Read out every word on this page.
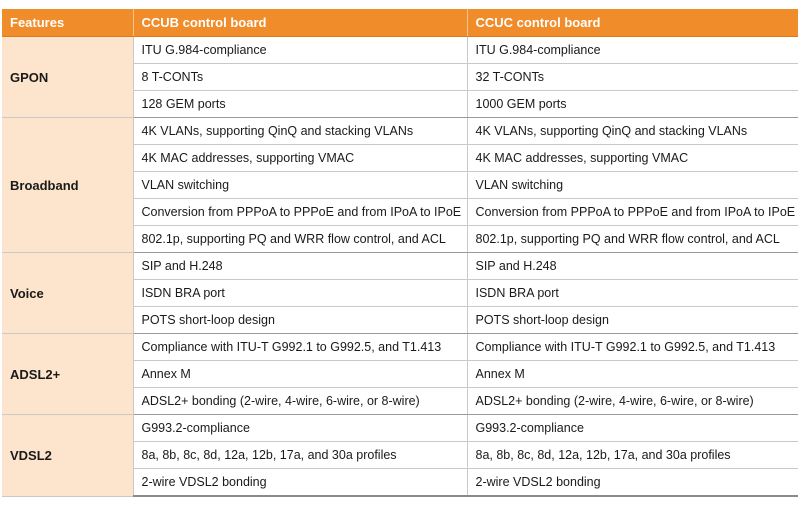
Features	CCUB control board	CCUC control board
GPON	ITU G.984-compliance	ITU G.984-compliance
	8 T-CONTs	32 T-CONTs
	128 GEM ports	1000 GEM ports
Broadband	4K VLANs, supporting QinQ and stacking VLANs	4K VLANs, supporting QinQ and stacking VLANs
	4K MAC addresses, supporting VMAC	4K MAC addresses, supporting VMAC
	VLAN switching	VLAN switching
	Conversion from PPPoA to PPPoE and from IPoA to IPoE	Conversion from PPPoA to PPPoE and from IPoA to IPoE
	802.1p, supporting PQ and WRR flow control, and ACL	802.1p, supporting PQ and WRR flow control, and ACL
Voice	SIP and H.248	SIP and H.248
	ISDN BRA port	ISDN BRA port
	POTS short-loop design	POTS short-loop design
ADSL2+	Compliance with ITU-T G992.1 to G992.5, and T1.413	Compliance with ITU-T G992.1 to G992.5, and T1.413
	Annex M	Annex M
	ADSL2+ bonding (2-wire, 4-wire, 6-wire, or 8-wire)	ADSL2+ bonding (2-wire, 4-wire, 6-wire, or 8-wire)
VDSL2	G993.2-compliance	G993.2-compliance
	8a, 8b, 8c, 8d, 12a, 12b, 17a, and 30a profiles	8a, 8b, 8c, 8d, 12a, 12b, 17a, and 30a profiles
	2-wire VDSL2 bonding	2-wire VDSL2 bonding
